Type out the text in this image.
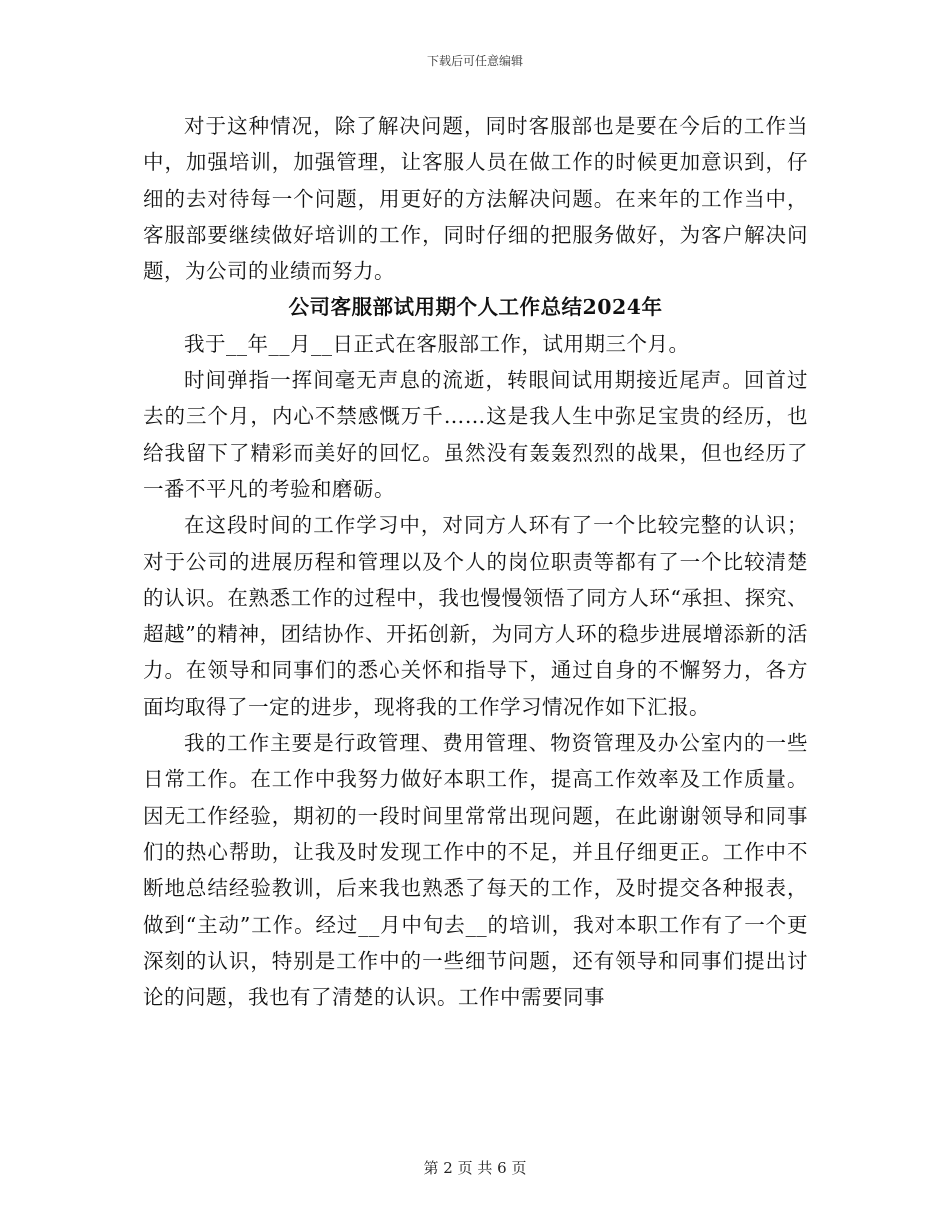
下载后可任意编辑

对于这种情况，除了解决问题，同时客服部也是要在今后的工作当中，加强培训，加强管理，让客服人员在做工作的时候更加意识到，仔细的去对待每一个问题，用更好的方法解决问题。在来年的工作当中，客服部要继续做好培训的工作，同时仔细的把服务做好，为客户解决问题，为公司的业绩而努力。

公司客服部试用期个人工作总结2024年

我于__年__月__日正式在客服部工作，试用期三个月。

时间弹指一挥间毫无声息的流逝，转眼间试用期接近尾声。回首过去的三个月，内心不禁感慨万千……这是我人生中弥足宝贵的经历，也给我留下了精彩而美好的回忆。虽然没有轰轰烈烈的战果，但也经历了一番不平凡的考验和磨砺。

在这段时间的工作学习中，对同方人环有了一个比较完整的认识；对于公司的进展历程和管理以及个人的岗位职责等都有了一个比较清楚的认识。在熟悉工作的过程中，我也慢慢领悟了同方人环“承担、探究、超越”的精神，团结协作、开拓创新，为同方人环的稳步进展增添新的活力。在领导和同事们的悉心关怀和指导下，通过自身的不懈努力，各方面均取得了一定的进步，现将我的工作学习情况作如下汇报。

我的工作主要是行政管理、费用管理、物资管理及办公室内的一些日常工作。在工作中我努力做好本职工作，提高工作效率及工作质量。因无工作经验，期初的一段时间里常常出现问题，在此谢谢领导和同事们的热心帮助，让我及时发现工作中的不足，并且仔细更正。工作中不断地总结经验教训，后来我也熟悉了每天的工作，及时提交各种报表，做到“主动”工作。经过__月中旬去__的培训，我对本职工作有了一个更深刻的认识，特别是工作中的一些细节问题，还有领导和同事们提出讨论的问题，我也有了清楚的认识。工作中需要同事

第 2 页 共 6 页
